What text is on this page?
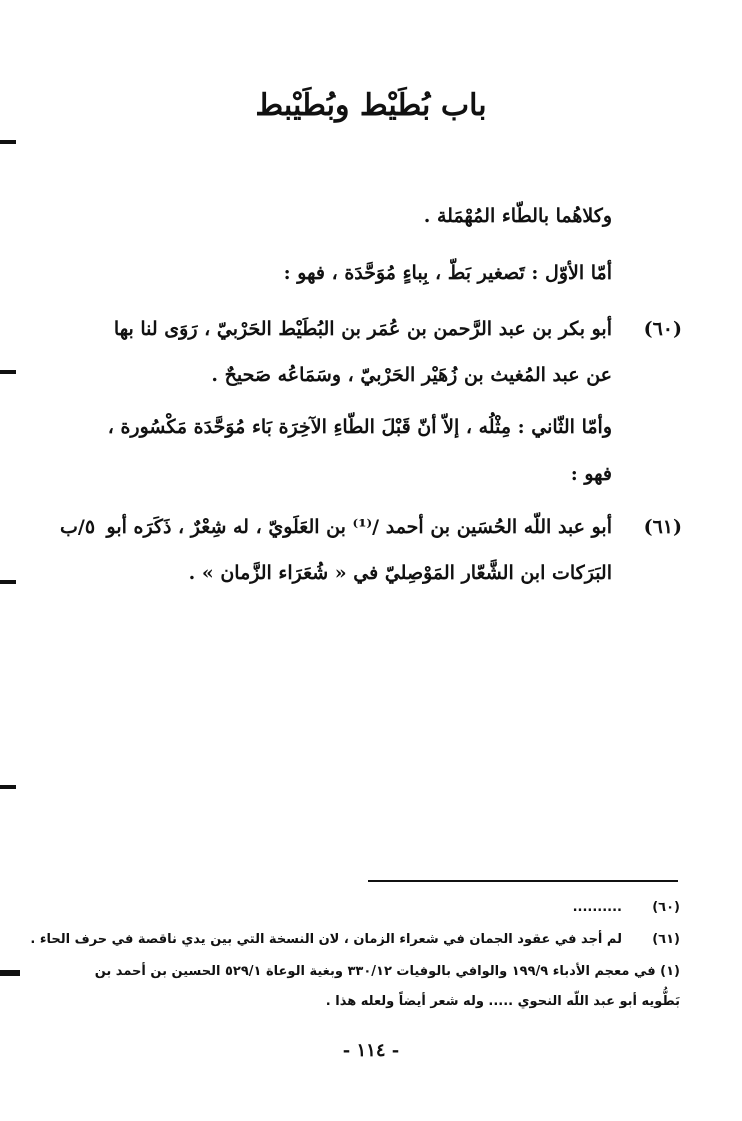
باب بُطَيْط وبُطَيْبط
وكلاهُما بالطّاء المُهْمَلة .
أمّا الأوّل : تَصغير بَطّ ، بِباءٍ مُوَحَّدَة ، فهو :
(٦٠)
أبو بكر بن عبد الرَّحمن بن عُمَر بن البُطَيْط الحَرْبيّ ، رَوَى لنا بها
عن عبد المُغيث بن زُهَيْر الحَرْبيّ ، وسَمَاعُه صَحيحٌ .
وأمّا الثّاني : مِثْلُه ، إلاّ أنّ قَبْلَ الطّاءِ الآخِرَة بَاء مُوَحَّدَة مَكْسُورة ،
فهو :
(٦١)
٥/ب أبو عبد اللّه الحُسَين بن أحمد /⁽¹⁾ بن العَلَويّ ، له شِعْرٌ ، ذَكَرَه أبو
البَرَكات ابن الشَّعّار المَوْصِليّ في « شُعَرَاء الزَّمان » .
(٦٠)
..........
(٦١)
لم أجد في عقود الجمان في شعراء الزمان ، لان النسخة التي بين يدي ناقصة في حرف الحاء .
(١) في معجم الأدباء ١٩٩/٩ والوافي بالوفيات ٣٣٠/١٢ وبغية الوعاة ٥٢٩/١ الحسين بن أحمد بن
بَطُّويه أبو عبد اللّه النحوي ..... وله شعر أيضاً ولعله هذا .
- ١١٤ -
